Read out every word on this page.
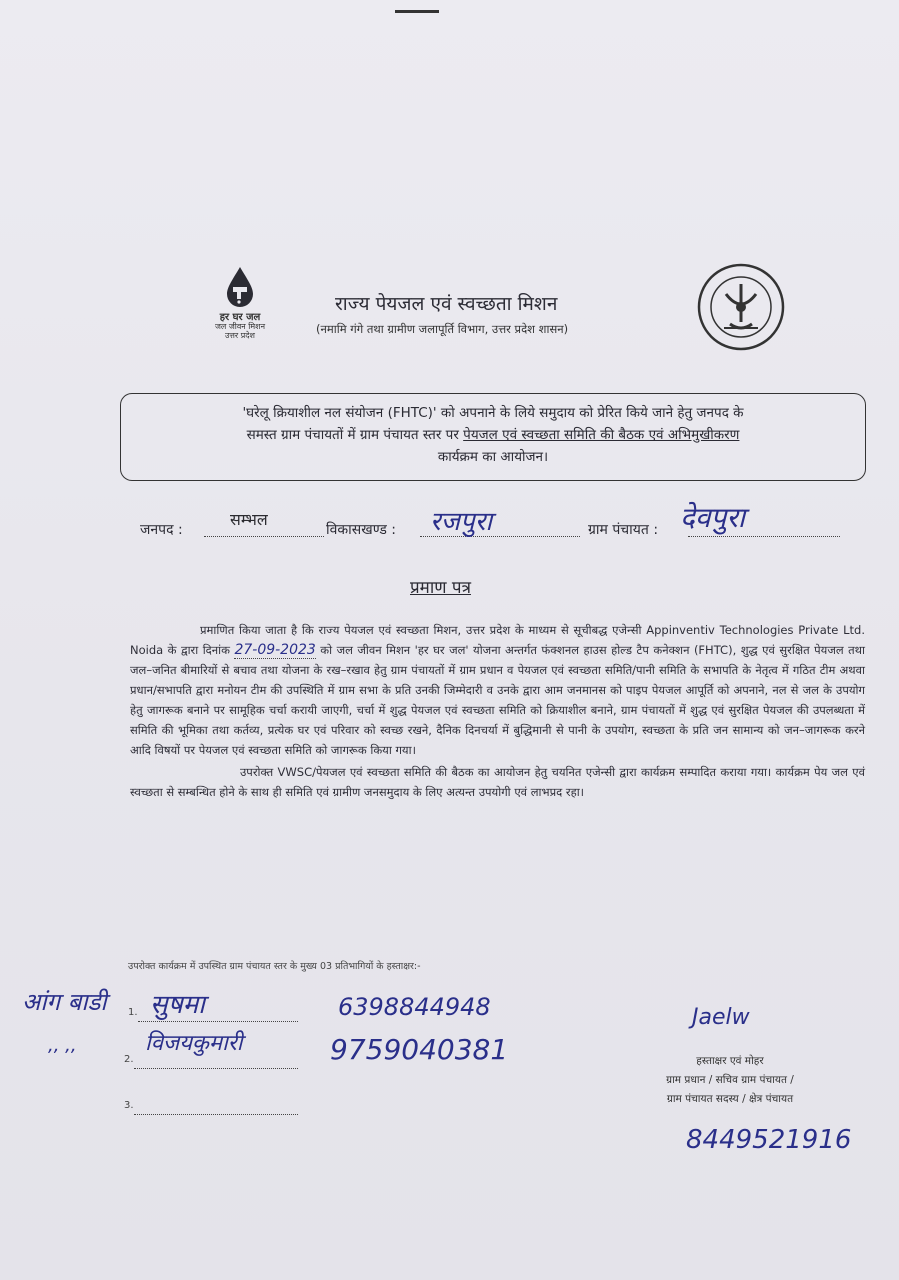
हर घर जल
जल जीवन मिशन
उत्तर प्रदेश
राज्य पेयजल एवं स्वच्छता मिशन
(नमामि गंगे तथा ग्रामीण जलापूर्ति विभाग, उत्तर प्रदेश शासन)

'घरेलू क्रियाशील नल संयोजन (FHTC)' को अपनाने के लिये समुदाय को प्रेरित किये जाने हेतु जनपद के

समस्त ग्राम पंचायतों में ग्राम पंचायत स्तर पर पेयजल एवं स्वच्छता समिति की बैठक एवं अभिमुखीकरण

कार्यक्रम का आयोजन।

जनपद :
सम्भल
विकासखण्ड : रजपुरा	ग्राम पंचायत : देवपुरा
प्रमाण पत्र

प्रमाणित किया जाता है कि राज्य पेयजल एवं स्वच्छता मिशन, उत्तर प्रदेश के माध्यम से सूचीबद्ध एजेन्सी Appinventiv Technologies Private Ltd. Noida के द्वारा दिनांक 27-09-2023 को जल जीवन मिशन 'हर घर जल' योजना अन्तर्गत फंक्शनल हाउस होल्ड टैप कनेक्शन (FHTC), शुद्ध एवं सुरक्षित पेयजल तथा जल–जनित बीमारियों से बचाव तथा योजना के रख–रखाव हेतु ग्राम पंचायतों में ग्राम प्रधान व पेयजल एवं स्वच्छता समिति/पानी समिति के सभापति के नेतृत्व में गठित टीम अथवा प्रधान/सभापति द्वारा मनोयन टीम की उपस्थिति में ग्राम सभा के प्रति उनकी जिम्मेदारी व उनके द्वारा आम जनमानस को पाइप पेयजल आपूर्ति को अपनाने, नल से जल के उपयोग हेतु जागरूक बनाने पर सामूहिक चर्चा करायी जाएगी, चर्चा में शुद्ध पेयजल एवं स्वच्छता समिति को क्रियाशील बनाने, ग्राम पंचायतों में शुद्ध एवं सुरक्षित पेयजल की उपलब्धता में समिति की भूमिका तथा कर्तव्य, प्रत्येक घर एवं परिवार को स्वच्छ रखने, दैनिक दिनचर्या में बुद्धिमानी से पानी के उपयोग, स्वच्छता के प्रति जन सामान्य को जन–जागरूक करने आदि विषयों पर पेयजल एवं स्वच्छता समिति को जागरूक किया गया।

उपरोक्त VWSC/पेयजल एवं स्वच्छता समिति की बैठक का आयोजन हेतु चयनित एजेन्सी द्वारा कार्यक्रम सम्पादित कराया गया। कार्यक्रम पेय जल एवं स्वच्छता से सम्बन्धित होने के साथ ही समिति एवं ग्रामीण जनसमुदाय के लिए अत्यन्त उपयोगी एवं लाभप्रद रहा।

उपरोक्त कार्यक्रम में उपस्थित ग्राम पंचायत स्तर के मुख्य 03 प्रतिभागियों के हस्ताक्षर:-
आंग बाडी 1. सुषमा	6398844948
,, ,,
2.
विजयकुमारी	9759040381
3.
Jaelw
हस्ताक्षर एवं मोहर
ग्राम प्रधान / सचिव ग्राम पंचायत /
ग्राम पंचायत सदस्य / क्षेत्र पंचायत
8449521916
